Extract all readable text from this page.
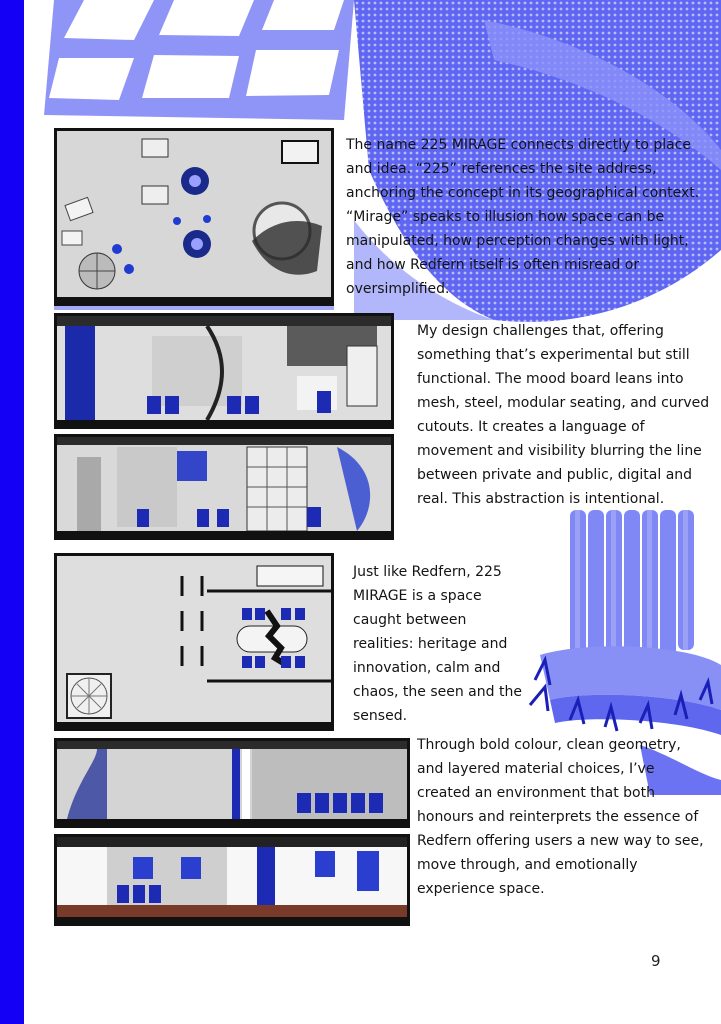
The name 225 MIRAGE connects directly to place and idea. “225” references the site address, anchoring the concept in its geographical context. “Mirage” speaks to illusion how space can be manipulated, how perception changes with light, and how Redfern itself is often misread or oversimplified.

My design challenges that, offering something that’s experimental but still functional. The mood board leans into mesh, steel, modular seating, and curved cutouts. It creates a language of movement and visibility blurring the line between private and public, digital and real. This abstraction is intentional.

Just like Redfern, 225 MIRAGE is a space caught between realities: heritage and innovation, calm and chaos, the seen and the sensed.

Through bold colour, clean geometry, and layered material choices, I’ve created an environment that both honours and reinterprets the essence of Redfern offering users a new way to see, move through, and emotionally experience space.

9
